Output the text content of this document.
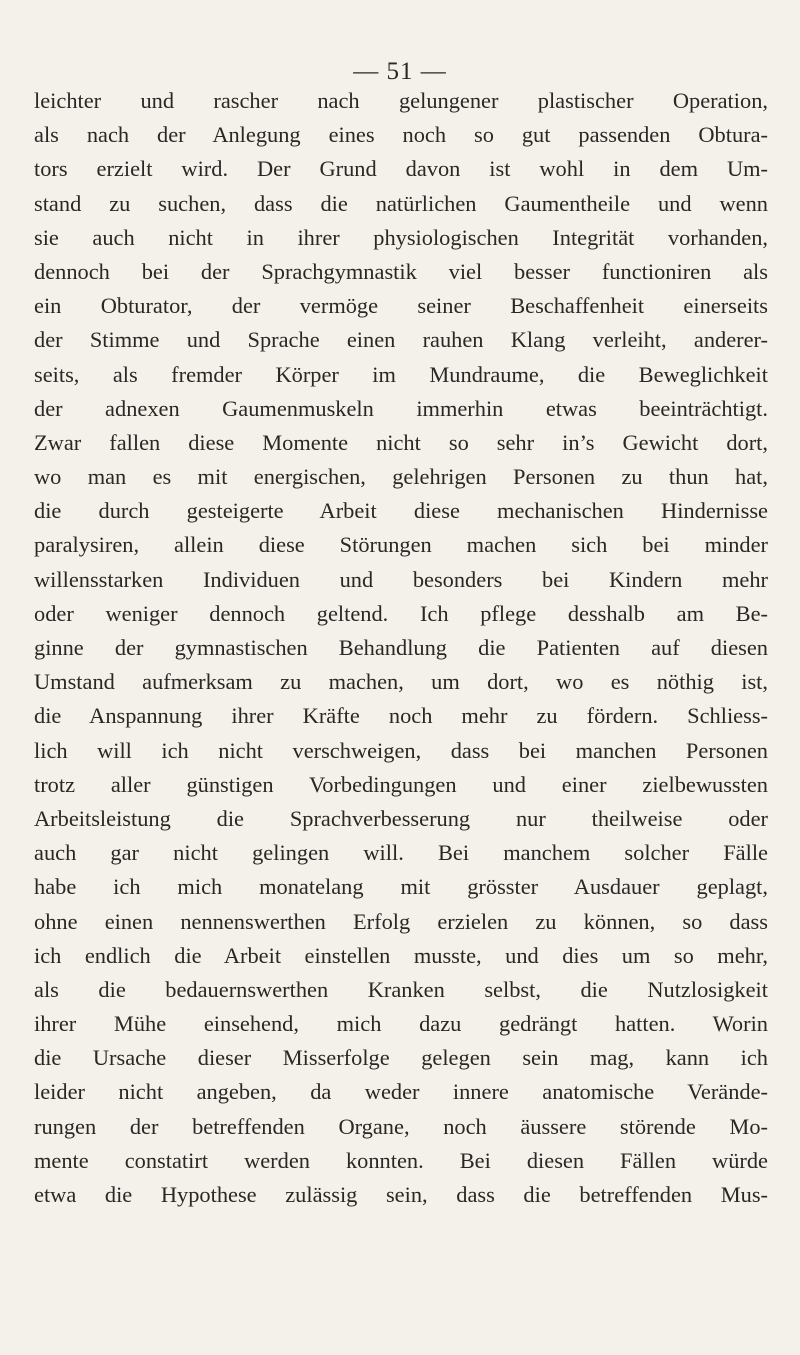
— 51 —
leichter und rascher nach gelungener plastischer Operation,
als nach der Anlegung eines noch so gut passenden Obtura-
tors erzielt wird. Der Grund davon ist wohl in dem Um-
stand zu suchen, dass die natürlichen Gaumentheile und wenn
sie auch nicht in ihrer physiologischen Integrität vorhanden,
dennoch bei der Sprachgymnastik viel besser functioniren als
ein Obturator, der vermöge seiner Beschaffenheit einerseits
der Stimme und Sprache einen rauhen Klang verleiht, anderer-
seits, als fremder Körper im Mundraume, die Beweglichkeit
der adnexen Gaumenmuskeln immerhin etwas beeinträchtigt.
Zwar fallen diese Momente nicht so sehr in’s Gewicht dort,
wo man es mit energischen, gelehrigen Personen zu thun hat,
die durch gesteigerte Arbeit diese mechanischen Hindernisse
paralysiren, allein diese Störungen machen sich bei minder
willensstarken Individuen und besonders bei Kindern mehr
oder weniger dennoch geltend. Ich pflege desshalb am Be-
ginne der gymnastischen Behandlung die Patienten auf diesen
Umstand aufmerksam zu machen, um dort, wo es nöthig ist,
die Anspannung ihrer Kräfte noch mehr zu fördern. Schliess-
lich will ich nicht verschweigen, dass bei manchen Personen
trotz aller günstigen Vorbedingungen und einer zielbewussten
Arbeitsleistung die Sprachverbesserung nur theilweise oder
auch gar nicht gelingen will. Bei manchem solcher Fälle
habe ich mich monatelang mit grösster Ausdauer geplagt,
ohne einen nennenswerthen Erfolg erzielen zu können, so dass
ich endlich die Arbeit einstellen musste, und dies um so mehr,
als die bedauernswerthen Kranken selbst, die Nutzlosigkeit
ihrer Mühe einsehend, mich dazu gedrängt hatten. Worin
die Ursache dieser Misserfolge gelegen sein mag, kann ich
leider nicht angeben, da weder innere anatomische Verände-
rungen der betreffenden Organe, noch äussere störende Mo-
mente constatirt werden konnten. Bei diesen Fällen würde
etwa die Hypothese zulässig sein, dass die betreffenden Mus-
